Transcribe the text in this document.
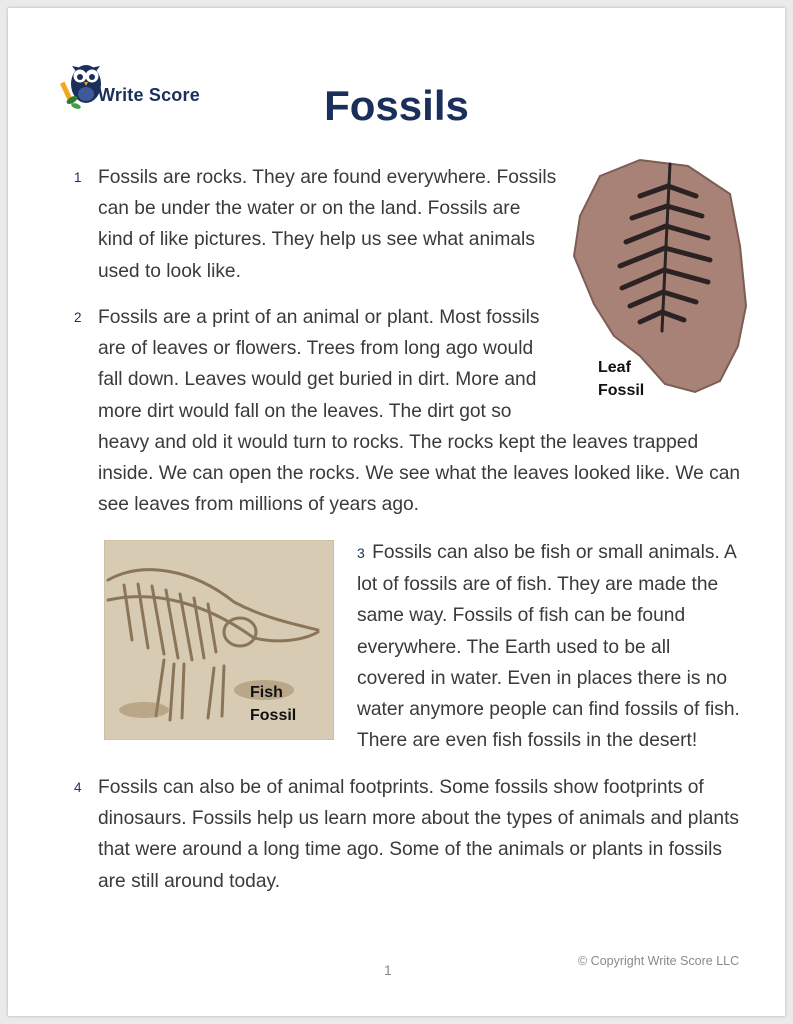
Write Score	Fossils
1 Fossils are rocks. They are found everywhere. Fossils
can be under the water or on the land. Fossils are
kind of like pictures. They help us see what animals
used to look like.
Leaf
Fossil
2 Fossils are a print of an animal or plant. Most fossils
are of leaves or flowers. Trees from long ago would
fall down. Leaves would get buried in dirt. More and
more dirt would fall on the leaves. The dirt got so
heavy and old it would turn to rocks. The rocks kept the leaves trapped
inside. We can open the rocks. We see what the leaves looked like. We can
see leaves from millions of years ago.
Fish
Fossil
3 Fossils can also be fish or small animals. A
lot of fossils are of fish. They are made the
same way. Fossils of fish can be found
everywhere. The Earth used to be all
covered in water. Even in places there is no
water anymore people can find fossils of fish.
There are even fish fossils in the desert!
4 Fossils can also be of animal footprints. Some fossils show footprints of
dinosaurs. Fossils help us learn more about the types of animals and plants
that were around a long time ago. Some of the animals or plants in fossils
are still around today.
1
© Copyright Write Score LLC
